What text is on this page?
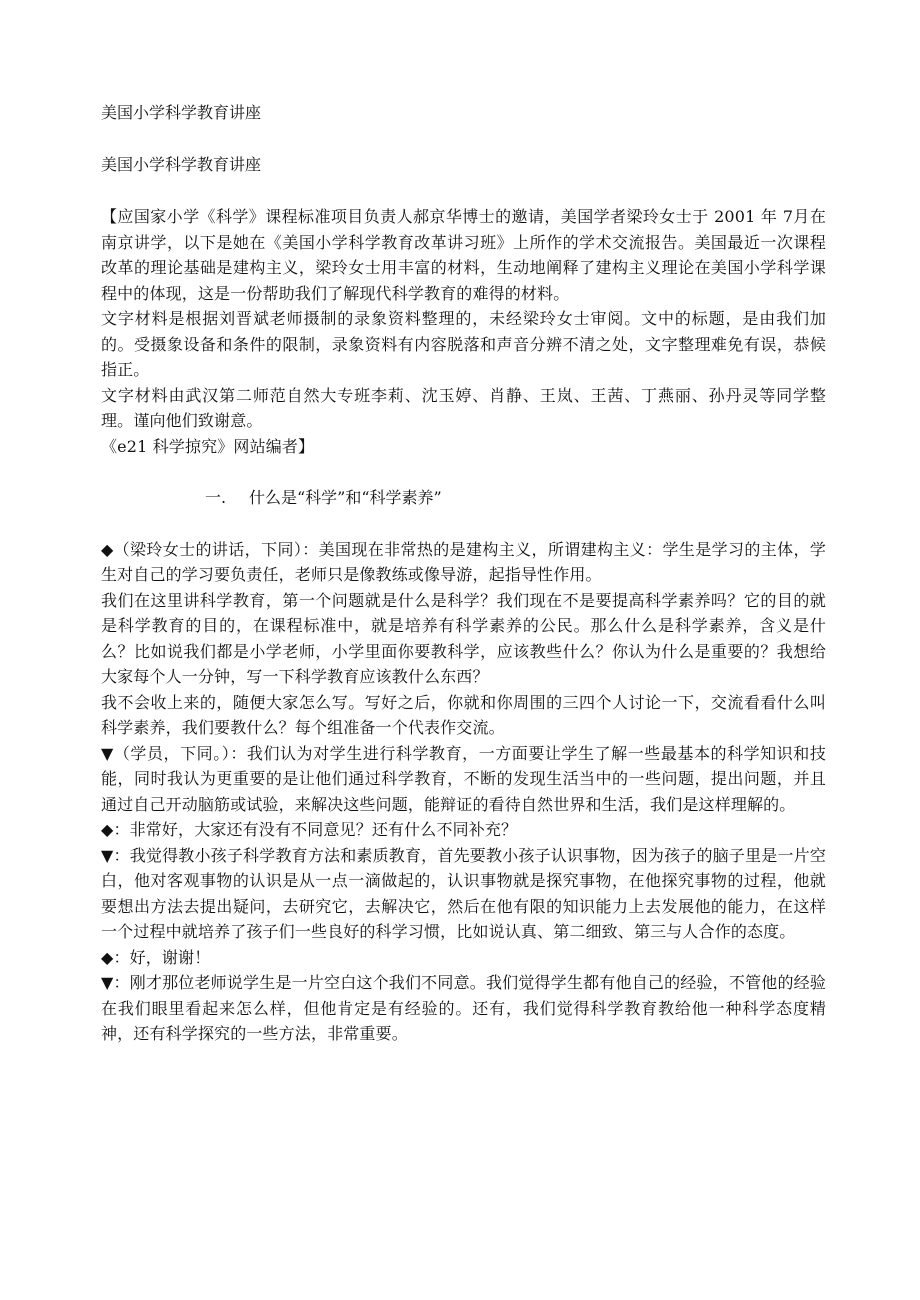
美国小学科学教育讲座

美国小学科学教育讲座

【应国家小学《科学》课程标准项目负责人郝京华博士的邀请，美国学者梁玲女士于 2001 年 7月在南京讲学，以下是她在《美国小学科学教育改革讲习班》上所作的学术交流报告。美国最近一次课程改革的理论基础是建构主义，梁玲女士用丰富的材料，生动地阐释了建构主义理论在美国小学科学课程中的体现，这是一份帮助我们了解现代科学教育的难得的材料。

文字材料是根据刘晋斌老师摄制的录象资料整理的，未经梁玲女士审阅。文中的标题，是由我们加的。受摄象设备和条件的限制，录象资料有内容脱落和声音分辨不清之处，文字整理难免有误，恭候指正。

文字材料由武汉第二师范自然大专班李莉、沈玉婷、肖静、王岚、王茜、丁燕丽、孙丹灵等同学整理。谨向他们致谢意。

《e21 科学掠究》网站编者】

一. 什么是“科学”和“科学素养”

◆（梁玲女士的讲话，下同）：美国现在非常热的是建构主义，所谓建构主义：学生是学习的主体，学生对自己的学习要负责任，老师只是像教练或像导游，起指导性作用。

我们在这里讲科学教育，第一个问题就是什么是科学？我们现在不是要提高科学素养吗？它的目的就是科学教育的目的，在课程标准中，就是培养有科学素养的公民。那么什么是科学素养，含义是什么？比如说我们都是小学老师，小学里面你要教科学，应该教些什么？你认为什么是重要的？我想给大家每个人一分钟，写一下科学教育应该教什么东西？

我不会收上来的，随便大家怎么写。写好之后，你就和你周围的三四个人讨论一下，交流看看什么叫科学素养，我们要教什么？每个组准备一个代表作交流。

▼（学员，下同。）：我们认为对学生进行科学教育，一方面要让学生了解一些最基本的科学知识和技能，同时我认为更重要的是让他们通过科学教育，不断的发现生活当中的一些问题，提出问题，并且通过自己开动脑筋或试验，来解决这些问题，能辩证的看待自然世界和生活，我们是这样理解的。

◆：非常好，大家还有没有不同意见？还有什么不同补充？

▼：我觉得教小孩子科学教育方法和素质教育，首先要教小孩子认识事物，因为孩子的脑子里是一片空白，他对客观事物的认识是从一点一滴做起的，认识事物就是探究事物，在他探究事物的过程，他就要想出方法去提出疑问，去研究它，去解决它，然后在他有限的知识能力上去发展他的能力，在这样一个过程中就培养了孩子们一些良好的科学习惯，比如说认真、第二细致、第三与人合作的态度。

◆：好，谢谢！

▼：刚才那位老师说学生是一片空白这个我们不同意。我们觉得学生都有他自己的经验，不管他的经验在我们眼里看起来怎么样，但他肯定是有经验的。还有，我们觉得科学教育教给他一种科学态度精神，还有科学探究的一些方法，非常重要。
